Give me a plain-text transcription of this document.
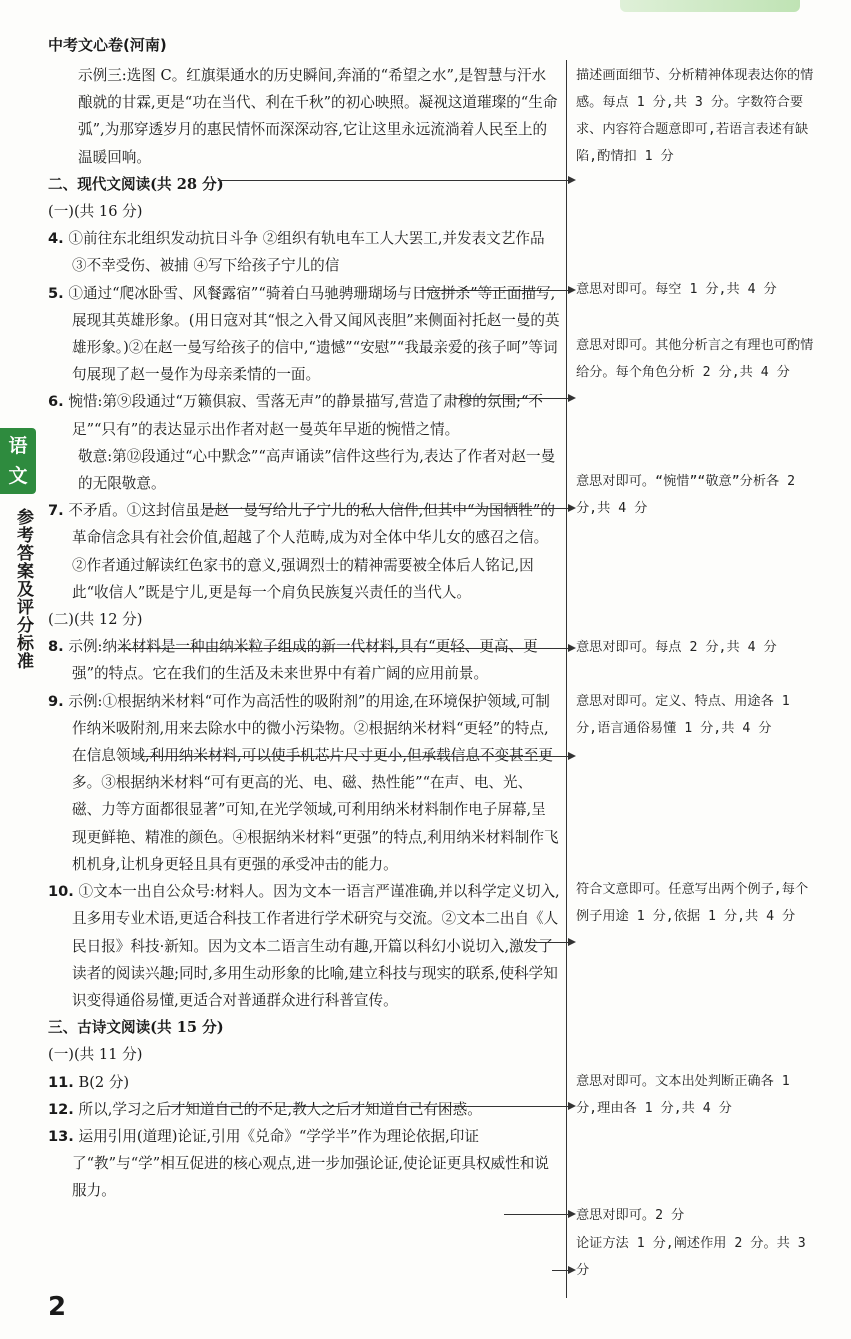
中考文心卷(河南)
语文
参考答案及评分标准

示例三:选图 C。红旗渠通水的历史瞬间,奔涌的“希望之水”,是智慧与汗水酿就的甘霖,更是“功在当代、利在千秋”的初心映照。凝视这道璀璨的“生命弧”,为那穿透岁月的惠民情怀而深深动容,它让这里永远流淌着人民至上的温暖回响。

二、现代文阅读(共 28 分)

(一)(共 16 分)

4. ①前往东北组织发动抗日斗争 ②组织有轨电车工人大罢工,并发表文艺作品 ③不幸受伤、被捕 ④写下给孩子宁儿的信

5. ①通过“爬冰卧雪、风餐露宿”“骑着白马驰骋珊瑚场与日寇拼杀”等正面描写,展现其英雄形象。(用日寇对其“恨之入骨又闻风丧胆”来侧面衬托赵一曼的英雄形象。)②在赵一曼写给孩子的信中,“遗憾”“安慰”“我最亲爱的孩子呵”等词句展现了赵一曼作为母亲柔情的一面。

6. 惋惜:第⑨段通过“万籁俱寂、雪落无声”的静景描写,营造了肃穆的氛围;“不足”“只有”的表达显示出作者对赵一曼英年早逝的惋惜之情。

敬意:第⑫段通过“心中默念”“高声诵读”信件这些行为,表达了作者对赵一曼的无限敬意。

7. 不矛盾。①这封信虽是赵一曼写给儿子宁儿的私人信件,但其中“为国牺牲”的革命信念具有社会价值,超越了个人范畴,成为对全体中华儿女的感召之信。②作者通过解读红色家书的意义,强调烈士的精神需要被全体后人铭记,因此“收信人”既是宁儿,更是每一个肩负民族复兴责任的当代人。

(二)(共 12 分)

8. 示例:纳米材料是一种由纳米粒子组成的新一代材料,具有“更轻、更高、更强”的特点。它在我们的生活及未来世界中有着广阔的应用前景。

9. 示例:①根据纳米材料“可作为高活性的吸附剂”的用途,在环境保护领域,可制作纳米吸附剂,用来去除水中的微小污染物。②根据纳米材料“更轻”的特点,在信息领域,利用纳米材料,可以使手机芯片尺寸更小,但承载信息不变甚至更多。③根据纳米材料“可有更高的光、电、磁、热性能”“在声、电、光、磁、力等方面都很显著”可知,在光学领域,可利用纳米材料制作电子屏幕,呈现更鲜艳、精准的颜色。④根据纳米材料“更强”的特点,利用纳米材料制作飞机机身,让机身更轻且具有更强的承受冲击的能力。

10. ①文本一出自公众号:材料人。因为文本一语言严谨准确,并以科学定义切入,且多用专业术语,更适合科技工作者进行学术研究与交流。②文本二出自《人民日报》科技·新知。因为文本二语言生动有趣,开篇以科幻小说切入,激发了读者的阅读兴趣;同时,多用生动形象的比喻,建立科技与现实的联系,使科学知识变得通俗易懂,更适合对普通群众进行科普宣传。

三、古诗文阅读(共 15 分)

(一)(共 11 分)

11. B(2 分)

12. 所以,学习之后才知道自己的不足,教人之后才知道自己有困惑。

13. 运用引用(道理)论证,引用《兑命》“学学半”作为理论依据,印证了“教”与“学”相互促进的核心观点,进一步加强论证,使论证更具权威性和说服力。

描述画面细节、分析精神体现表达你的情感。每点 1 分,共 3 分。字数符合要求、内容符合题意即可,若语言表述有缺陷,酌情扣 1 分
意思对即可。每空 1 分,共 4 分
意思对即可。其他分析言之有理也可酌情给分。每个角色分析 2 分,共 4 分
意思对即可。“惋惜”“敬意”分析各 2 分,共 4 分
意思对即可。每点 2 分,共 4 分
意思对即可。定义、特点、用途各 1 分,语言通俗易懂 1 分,共 4 分
符合文意即可。任意写出两个例子,每个例子用途 1 分,依据 1 分,共 4 分
意思对即可。文本出处判断正确各 1 分,理由各 1 分,共 4 分
意思对即可。2 分
论证方法 1 分,阐述作用 2 分。共 3 分
2
